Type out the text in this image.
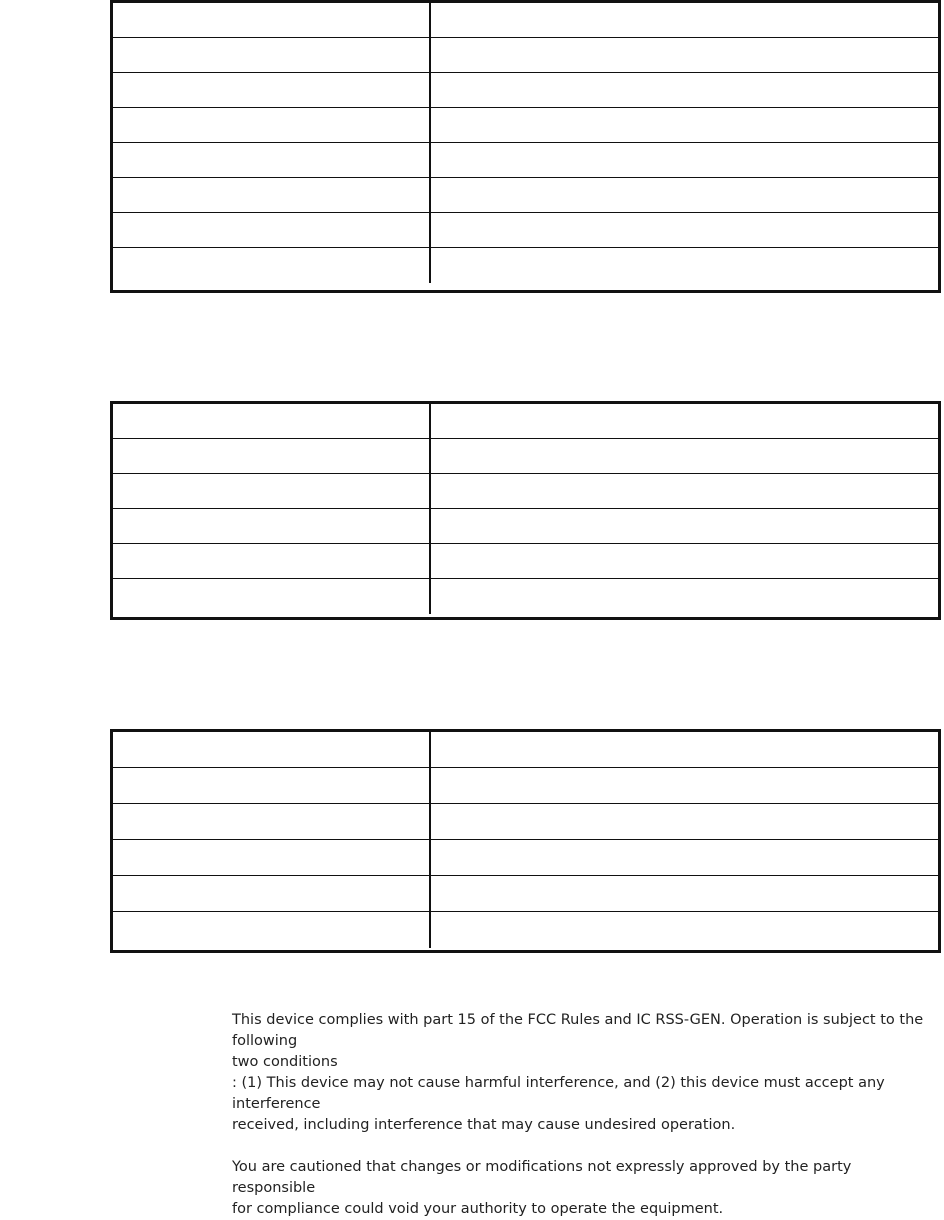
This device complies with part 15 of the FCC Rules and IC RSS-GEN. Operation is subject to the following
two conditions
: (1) This device may not cause harmful interference, and (2) this device must accept any interference
received, including interference that may cause undesired operation.

You are cautioned that changes or modifications not expressly approved by the party responsible
for compliance could void your authority to operate the equipment.
